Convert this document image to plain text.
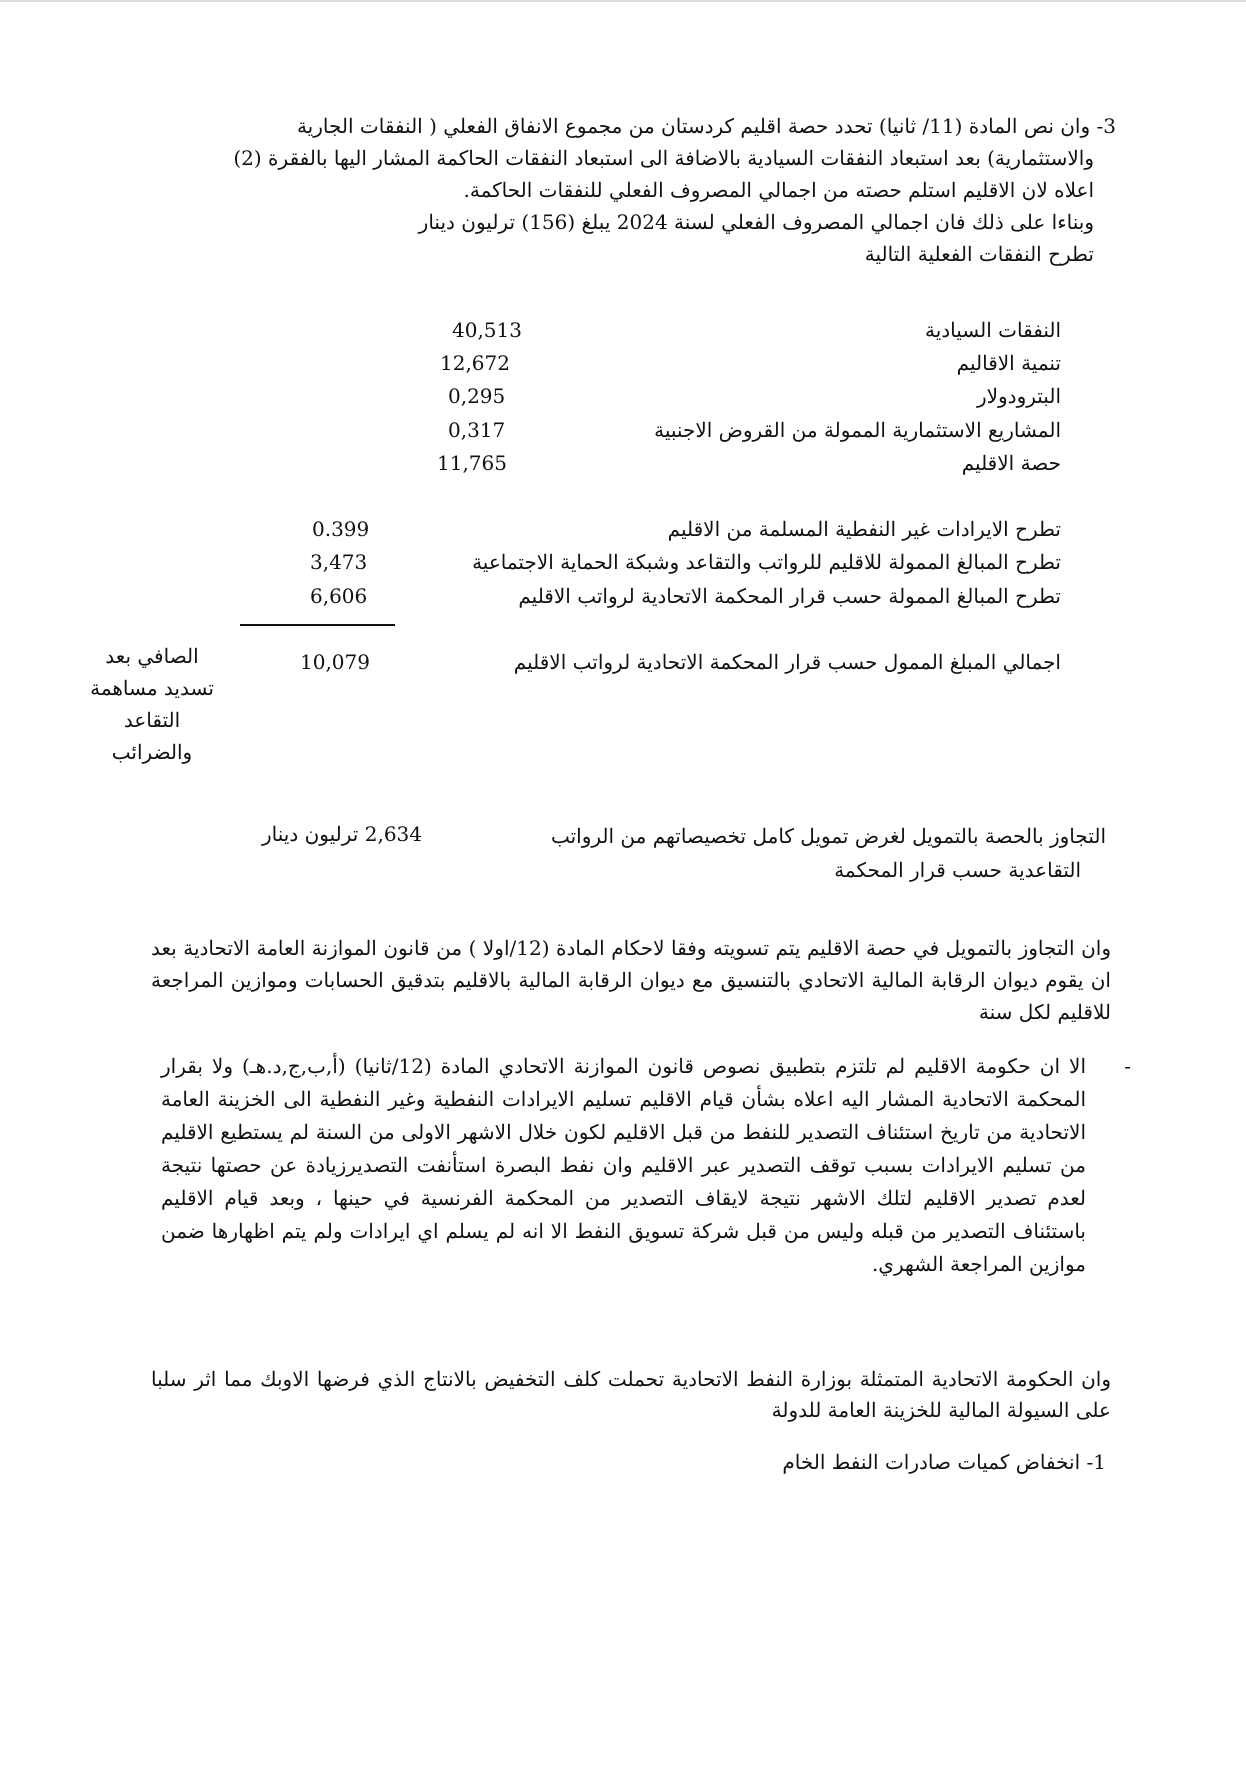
3- وان نص المادة (11/ ثانيا) تحدد حصة اقليم كردستان من مجموع الانفاق الفعلي ( النفقات الجارية
والاستثمارية) بعد استبعاد النفقات السيادية بالاضافة الى استبعاد النفقات الحاكمة المشار اليها بالفقرة (2)
اعلاه لان الاقليم استلم حصته من اجمالي المصروف الفعلي للنفقات الحاكمة.
وبناءا على ذلك فان اجمالي المصروف الفعلي لسنة 2024 يبلغ (156) ترليون دينار
تطرح النفقات الفعلية التالية
النفقات السيادية
40,513
تنمية الاقاليم
12,672
البترودولار
0,295
المشاريع الاستثمارية الممولة من القروض الاجنبية
0,317
حصة الاقليم
11,765
تطرح الايرادات غير النفطية المسلمة من الاقليم
0.399
تطرح المبالغ الممولة للاقليم للرواتب والتقاعد وشبكة الحماية الاجتماعية
3,473
تطرح المبالغ الممولة حسب قرار المحكمة الاتحادية لرواتب الاقليم
6,606
اجمالي المبلغ الممول حسب قرار المحكمة الاتحادية لرواتب الاقليم
10,079
الصافي بعد تسديد مساهمة التقاعد والضرائب
التجاوز بالحصة بالتمويل لغرض تمويل كامل تخصيصاتهم من الرواتب
التقاعدية حسب قرار المحكمة
2,634 ترليون دينار

وان التجاوز بالتمويل في حصة الاقليم يتم تسويته وفقا لاحكام المادة (12/اولا ) من قانون الموازنة العامة الاتحادية بعد ان يقوم ديوان الرقابة المالية الاتحادي بالتنسيق مع ديوان الرقابة المالية بالاقليم بتدقيق الحسابات وموازين المراجعة للاقليم لكل سنة

-

الا ان حكومة الاقليم لم تلتزم بتطبيق نصوص قانون الموازنة الاتحادي المادة (12/ثانيا) (أ,ب,ج,د.هـ) ولا بقرار المحكمة الاتحادية المشار اليه اعلاه بشأن قيام الاقليم تسليم الايرادات النفطية وغير النفطية الى الخزينة العامة الاتحادية من تاريخ استئناف التصدير للنفط من قبل الاقليم لكون خلال الاشهر الاولى من السنة لم يستطيع الاقليم من تسليم الايرادات بسبب توقف التصدير عبر الاقليم وان نفط البصرة استأنفت التصديرزيادة عن حصتها نتيجة لعدم تصدير الاقليم لتلك الاشهر نتيجة لايقاف التصدير من المحكمة الفرنسية في حينها ، وبعد قيام الاقليم باستئناف التصدير من قبله وليس من قبل شركة تسويق النفط الا انه لم يسلم اي ايرادات ولم يتم اظهارها ضمن موازين المراجعة الشهري.

وان الحكومة الاتحادية المتمثلة بوزارة النفط الاتحادية تحملت كلف التخفيض بالانتاج الذي فرضها الاوبك مما اثر سلبا على السيولة المالية للخزينة العامة للدولة

1- انخفاض كميات صادرات النفط الخام
